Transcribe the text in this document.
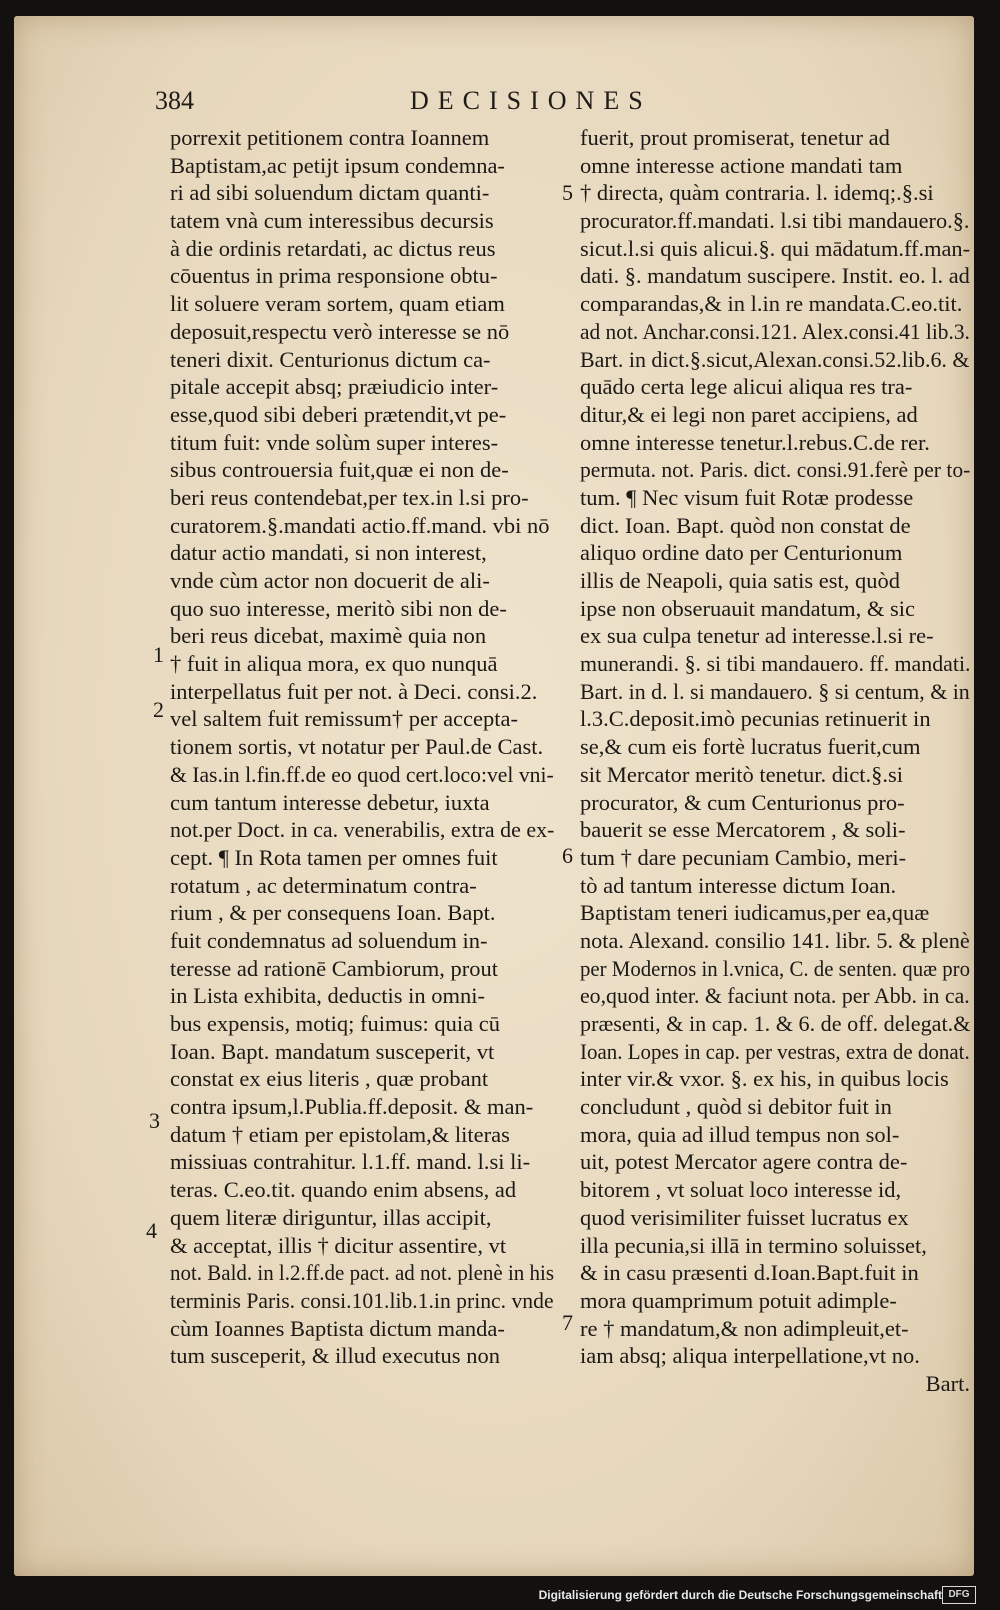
384	DECISIONES
porrexit petitionem contra Ioannem
Baptistam,ac petijt ipsum condemna-
ri ad sibi soluendum dictam quanti-
tatem vnà cum interessibus decursis
à die ordinis retardati, ac dictus reus
cōuentus in prima responsione obtu-
lit soluere veram sortem, quam etiam
deposuit,respectu verò interesse se nō
teneri dixit. Centurionus dictum ca-
pitale accepit absq; præiudicio inter-
esse,quod sibi deberi prætendit,vt pe-
titum fuit: vnde solùm super interes-
sibus controuersia fuit,quæ ei non de-
beri reus contendebat,per tex.in l.si pro-
curatorem.§.mandati actio.ff.mand. vbi nō
datur actio mandati, si non interest,
vnde cùm actor non docuerit de ali-
quo suo interesse, meritò sibi non de-
beri reus dicebat, maximè quia non
† fuit in aliqua mora, ex quo nunquā
interpellatus fuit per not. à Deci. consi.2.
vel saltem fuit remissum† per accepta-
tionem sortis, vt notatur per Paul.de Cast.
& Ias.in l.fin.ff.de eo quod cert.loco:vel vni-
cum tantum interesse debetur, iuxta
not.per Doct. in ca. venerabilis, extra de ex-
cept. ¶ In Rota tamen per omnes fuit
rotatum , ac determinatum contra-
rium , & per consequens Ioan. Bapt.
fuit condemnatus ad soluendum in-
teresse ad rationē Cambiorum, prout
in Lista exhibita, deductis in omni-
bus expensis, motiq; fuimus: quia cū
Ioan. Bapt. mandatum susceperit, vt
constat ex eius literis , quæ probant
contra ipsum,l.Publia.ff.deposit. & man-
datum † etiam per epistolam,& literas
missiuas contrahitur. l.1.ff. mand. l.si li-
teras. C.eo.tit. quando enim absens, ad
quem literæ diriguntur, illas accipit,
& acceptat, illis † dicitur assentire, vt
not. Bald. in l.2.ff.de pact. ad not. plenè in his
terminis Paris. consi.101.lib.1.in princ. vnde
cùm Ioannes Baptista dictum manda-
tum susceperit, & illud executus non
fuerit, prout promiserat, tenetur ad
omne interesse actione mandati tam
† directa, quàm contraria. l. idemq;.§.si
procurator.ff.mandati. l.si tibi mandauero.§.
sicut.l.si quis alicui.§. qui mādatum.ff.man-
dati. §. mandatum suscipere. Instit. eo. l. ad
comparandas,& in l.in re mandata.C.eo.tit.
ad not. Anchar.consi.121. Alex.consi.41 lib.3.
Bart. in dict.§.sicut,Alexan.consi.52.lib.6. &
quādo certa lege alicui aliqua res tra-
ditur,& ei legi non paret accipiens, ad
omne interesse tenetur.l.rebus.C.de rer.
permuta. not. Paris. dict. consi.91.ferè per to-
tum. ¶ Nec visum fuit Rotæ prodesse
dict. Ioan. Bapt. quòd non constat de
aliquo ordine dato per Centurionum
illis de Neapoli, quia satis est, quòd
ipse non obseruauit mandatum, & sic
ex sua culpa tenetur ad interesse.l.si re-
munerandi. §. si tibi mandauero. ff. mandati.
Bart. in d. l. si mandauero. § si centum, & in
l.3.C.deposit.imò pecunias retinuerit in
se,& cum eis fortè lucratus fuerit,cum
sit Mercator meritò tenetur. dict.§.si
procurator, & cum Centurionus pro-
bauerit se esse Mercatorem , & soli-
tum † dare pecuniam Cambio, meri-
tò ad tantum interesse dictum Ioan.
Baptistam teneri iudicamus,per ea,quæ
nota. Alexand. consilio 141. libr. 5. & plenè
per Modernos in l.vnica, C. de senten. quæ pro
eo,quod inter. & faciunt nota. per Abb. in ca.
præsenti, & in cap. 1. & 6. de off. delegat.&
Ioan. Lopes in cap. per vestras, extra de donat.
inter vir.& vxor. §. ex his, in quibus locis
concludunt , quòd si debitor fuit in
mora, quia ad illud tempus non sol-
uit, potest Mercator agere contra de-
bitorem , vt soluat loco interesse id,
quod verisimiliter fuisset lucratus ex
illa pecunia,si illā in termino soluisset,
& in casu præsenti d.Ioan.Bapt.fuit in
mora quamprimum potuit adimple-
re † mandatum,& non adimpleuit,et-
iam absq; aliqua interpellatione,vt no.
Bart.
1
2
3
4
5
6
7
Digitalisierung gefördert durch die Deutsche Forschungsgemeinschaft DFG
